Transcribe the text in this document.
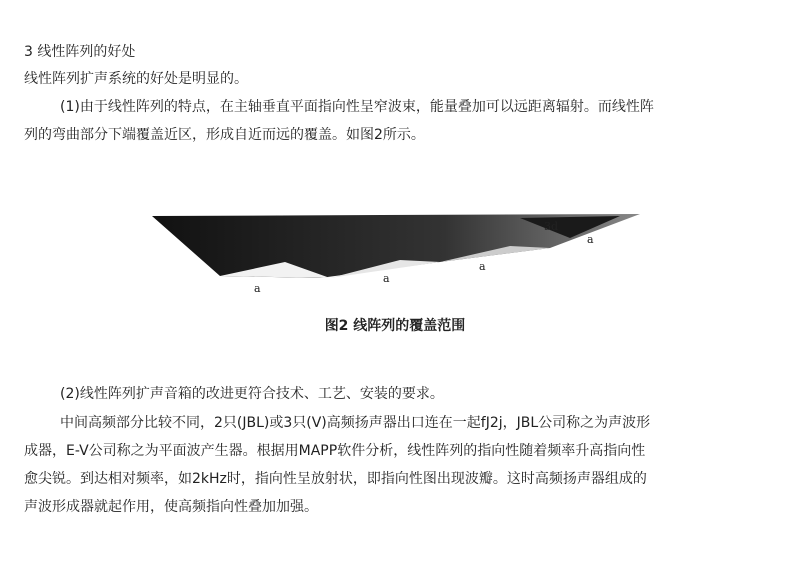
3 线性阵列的好处
线性阵列扩声系统的好处是明显的。
(1)由于线性阵列的特点，在主轴垂直平面指向性呈窄波束，能量叠加可以远距离辐射。而线性阵
列的弯曲部分下端覆盖近区，形成自近而远的覆盖。如图2所示。
a
a
a
a
3d
图2 线阵列的覆盖范围
(2)线性阵列扩声音箱的改进更符合技术、工艺、安装的要求。
中间高频部分比较不同，2只(JBL)或3只(V)高频扬声器出口连在一起fJ2j，JBL公司称之为声波形
成器，E-V公司称之为平面波产生器。根据用MAPP软件分析，线性阵列的指向性随着频率升高指向性
愈尖锐。到达相对频率，如2kHz时，指向性呈放射状，即指向性图出现波瓣。这时高频扬声器组成的
声波形成器就起作用，使高频指向性叠加加强。
